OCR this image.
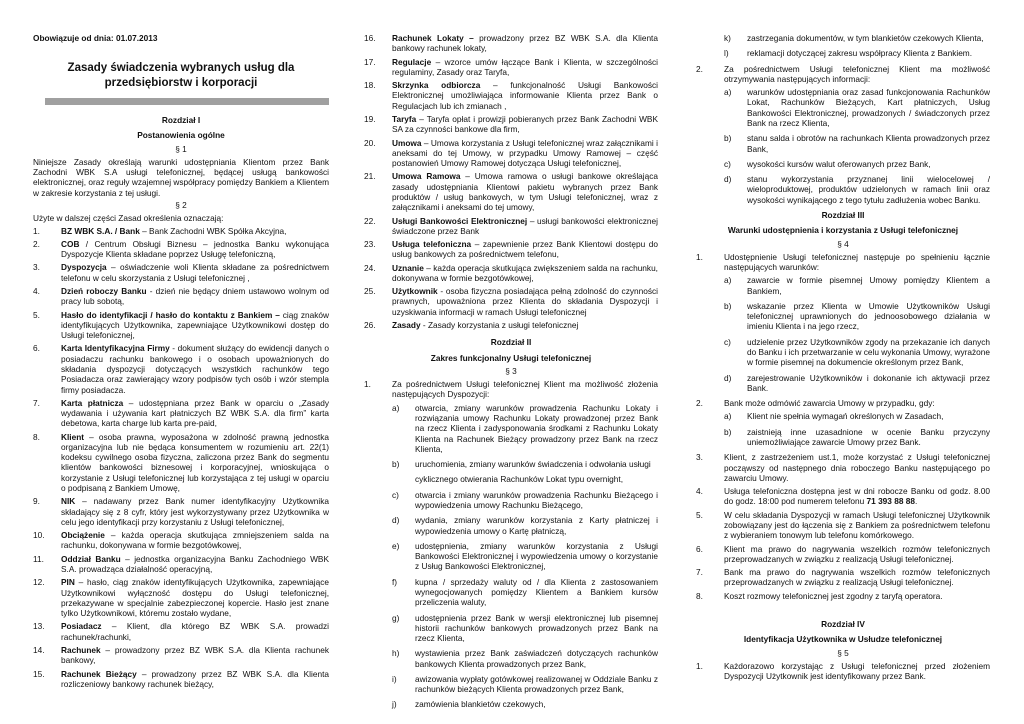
Obowiązuje od dnia: 01.07.2013
Zasady świadczenia wybranych usług dla
przedsiębiorstw i korporacji
Rozdział I
Postanowienia ogólne
§ 1
Niniejsze Zasady określają warunki udostępniania Klientom przez Bank Zachodni WBK S.A usługi telefonicznej, będącej usługą bankowości elektronicznej, oraz reguły wzajemnej współpracy pomiędzy Bankiem a Klientem w zakresie korzystania z tej usługi.
§ 2
Użyte w dalszej części Zasad określenia oznaczają:
1.	BZ WBK S.A. / Bank – Bank Zachodni WBK Spółka Akcyjna,
2.	COB / Centrum Obsługi Biznesu – jednostka Banku wykonująca Dyspozycje Klienta składane poprzez Usługę telefoniczną,
3.	Dyspozycja – oświadczenie woli Klienta składane za pośrednictwem telefonu w celu skorzystania z Usługi telefonicznej ,
4.	Dzień roboczy Banku - dzień nie będący dniem ustawowo wolnym od pracy lub sobotą,
5.	Hasło do identyfikacji / hasło do kontaktu z Bankiem – ciąg znaków identyfikujących Użytkownika, zapewniające Użytkownikowi dostęp do Usługi telefonicznej,
6.	Karta Identyfikacyjna Firmy - dokument służący do ewidencji danych o posiadaczu rachunku bankowego i o osobach upoważnionych do składania dyspozycji dotyczących wszystkich rachunków tego Posiadacza oraz zawierający wzory podpisów tych osób i wzór stempla firmy posiadacza.
7.	Karta płatnicza – udostępniana przez Bank w oparciu o „Zasady wydawania i używania kart płatniczych BZ WBK S.A. dla firm” karta debetowa, karta charge lub karta pre-paid,
8.	Klient – osoba prawna, wyposażona w zdolność prawną jednostka organizacyjna lub nie będąca konsumentem w rozumieniu art. 22(1) kodeksu cywilnego osoba fizyczna, zaliczona przez Bank do segmentu klientów bankowości biznesowej i korporacyjnej, wnioskująca o korzystanie z Usługi telefonicznej lub korzystająca z tej usługi w oparciu o podpisaną z Bankiem Umowę,
9.	NIK – nadawany przez Bank numer identyfikacyjny Użytkownika składający się z 8 cyfr, który jest wykorzystywany przez Użytkownika w celu jego identyfikacji przy korzystaniu z Usługi telefonicznej,
10.	Obciążenie – każda operacja skutkująca zmniejszeniem salda na rachunku, dokonywana w formie bezgotówkowej,
11.	Oddział Banku – jednostka organizacyjna Banku Zachodniego WBK S.A. prowadząca działalność operacyjną,
12.	PIN – hasło, ciąg znaków identyfikujących Użytkownika, zapewniające Użytkownikowi wyłączność dostępu do Usługi telefonicznej, przekazywane w specjalnie zabezpieczonej kopercie. Hasło jest znane tylko Użytkownikowi, któremu zostało wydane,
13.	Posiadacz – Klient, dla którego BZ WBK S.A. prowadzi rachunek/rachunki,
14.	Rachunek – prowadzony przez BZ WBK S.A. dla Klienta rachunek bankowy,
15.	Rachunek Bieżący – prowadzony przez BZ WBK S.A. dla Klienta rozliczeniowy bankowy rachunek bieżący,
16.	Rachunek Lokaty – prowadzony przez BZ WBK S.A. dla Klienta bankowy rachunek lokaty,
17.	Regulacje – wzorce umów łączące Bank i Klienta, w szczególności regulaminy, Zasady oraz Taryfa,
18.	Skrzynka odbiorcza – funkcjonalność Usługi Bankowości Elektronicznej umożliwiająca informowanie Klienta przez Bank o Regulacjach lub ich zmianach ,
19.	Taryfa – Taryfa opłat i prowizji pobieranych przez Bank Zachodni WBK SA za czynności bankowe dla firm,
20.	Umowa – Umowa korzystania z Usługi telefonicznej wraz załącznikami i aneksami do tej Umowy, w przypadku Umowy Ramowej – część postanowień Umowy Ramowej dotycząca Usługi telefonicznej,
21.	Umowa Ramowa – Umowa ramowa o usługi bankowe określająca zasady udostępniania Klientowi pakietu wybranych przez Bank produktów / usług bankowych, w tym Usługi telefonicznej, wraz z załącznikami i aneksami do tej umowy,
22.	Usługi Bankowości Elektronicznej – usługi bankowości elektronicznej świadczone przez Bank
23.	Usługa telefoniczna – zapewnienie przez Bank Klientowi dostępu do usług bankowych za pośrednictwem telefonu,
24.	Uznanie – każda operacja skutkująca zwiększeniem salda na rachunku, dokonywana w formie bezgotówkowej,
25.	Użytkownik - osoba fizyczna posiadająca pełną zdolność do czynności prawnych, upoważniona przez Klienta do składania Dyspozycji i uzyskiwania informacji w ramach Usługi telefonicznej
26.	Zasady - Zasady korzystania z usługi telefonicznej
Rozdział II
Zakres funkcjonalny Usługi telefonicznej
§ 3
1.	Za pośrednictwem Usługi telefonicznej Klient ma możliwość złożenia następujących Dyspozycji:
a)	otwarcia, zmiany warunków prowadzenia Rachunku Lokaty i rozwiązania umowy Rachunku Lokaty prowadzonej przez Bank na rzecz Klienta i zadysponowania środkami z Rachunku Lokaty Klienta na Rachunek Bieżący prowadzony przez Bank na rzecz Klienta,
b)	uruchomienia, zmiany warunków świadczenia i odwołania usługi
cyklicznego otwierania Rachunków Lokat typu overnight,
c)	otwarcia i zmiany warunków prowadzenia Rachunku Bieżącego i wypowiedzenia umowy Rachunku Bieżącego,
d)	wydania, zmiany warunków korzystania z Karty płatniczej i wypowiedzenia umowy o Kartę płatniczą,
e)	udostępnienia, zmiany warunków korzystania z Usługi Bankowości Elektronicznej i wypowiedzenia umowy o korzystanie z Usług Bankowości Elektronicznej,
f)	kupna / sprzedaży waluty od / dla Klienta z zastosowaniem wynegocjowanych pomiędzy Klientem a Bankiem kursów przeliczenia waluty,
g)	udostępnienia przez Bank w wersji elektronicznej lub pisemnej historii rachunków bankowych prowadzonych przez Bank na rzecz Klienta,
h)	wystawienia przez Bank zaświadczeń dotyczących rachunków bankowych Klienta prowadzonych przez Bank,
i)	awizowania wypłaty gotówkowej realizowanej w Oddziale Banku z rachunków bieżących Klienta prowadzonych przez Bank,
j)	zamówienia blankietów czekowych,
k)	zastrzegania dokumentów, w tym blankietów czekowych Klienta,
l)	reklamacji dotyczącej zakresu współpracy Klienta z Bankiem.
2.	Za pośrednictwem Usługi telefonicznej Klient ma możliwość otrzymywania następujących informacji:
a)	warunków udostępniania oraz zasad funkcjonowania Rachunków Lokat, Rachunków Bieżących, Kart płatniczych, Usług Bankowości Elektronicznej, prowadzonych / świadczonych przez Bank na rzecz Klienta,
b)	stanu salda i obrotów na rachunkach Klienta prowadzonych przez Bank,
c)	wysokości kursów walut oferowanych przez Bank,
d)	stanu wykorzystania przyznanej linii wielocelowej / wieloproduktowej, produktów udzielonych w ramach linii oraz wysokości wynikającego z tego tytułu zadłużenia wobec Banku.
Rozdział III
Warunki udostępnienia i korzystania z Usługi telefonicznej
§ 4
1.	Udostępnienie Usługi telefonicznej następuje po spełnieniu łącznie następujących warunków:
a)	zawarcie w formie pisemnej Umowy pomiędzy Klientem a Bankiem,
b)	wskazanie przez Klienta w Umowie Użytkowników Usługi telefonicznej uprawnionych do jednoosobowego działania w imieniu Klienta i na jego rzecz,
c)	udzielenie przez Użytkowników zgody na przekazanie ich danych do Banku i ich przetwarzanie w celu wykonania Umowy, wyrażone w formie pisemnej na dokumencie określonym przez Bank,
d)	zarejestrowanie Użytkowników i dokonanie ich aktywacji przez Bank.
2.	Bank może odmówić zawarcia Umowy w przypadku, gdy:
a)	Klient nie spełnia wymagań określonych w Zasadach,
b)	zaistnieją inne uzasadnione w ocenie Banku przyczyny uniemożliwiające zawarcie Umowy przez Bank.
3.	Klient, z zastrzeżeniem ust.1, może korzystać z Usługi telefonicznej począwszy od następnego dnia roboczego Banku następującego po zawarciu Umowy.
4.	Usługa telefoniczna dostępna jest w dni robocze Banku od godz. 8.00 do godz. 18:00 pod numerem telefonu 71 393 88 88.
5.	W celu składania Dyspozycji w ramach Usługi telefonicznej Użytkownik zobowiązany jest do łączenia się z Bankiem za pośrednictwem telefonu z wybieraniem tonowym lub telefonu komórkowego.
6.	Klient ma prawo do nagrywania wszelkich rozmów telefonicznych przeprowadzanych w związku z realizacją Usługi telefonicznej.
7.	Bank ma prawo do nagrywania wszelkich rozmów telefonicznych przeprowadzanych w związku z realizacją Usługi telefonicznej.
8.	Koszt rozmowy telefonicznej jest zgodny z taryfą operatora.
Rozdział IV
Identyfikacja Użytkownika w Usłudze telefonicznej
§ 5
1.	Każdorazowo korzystając z Usługi telefonicznej przed złożeniem Dyspozycji Użytkownik jest identyfikowany przez Bank.
